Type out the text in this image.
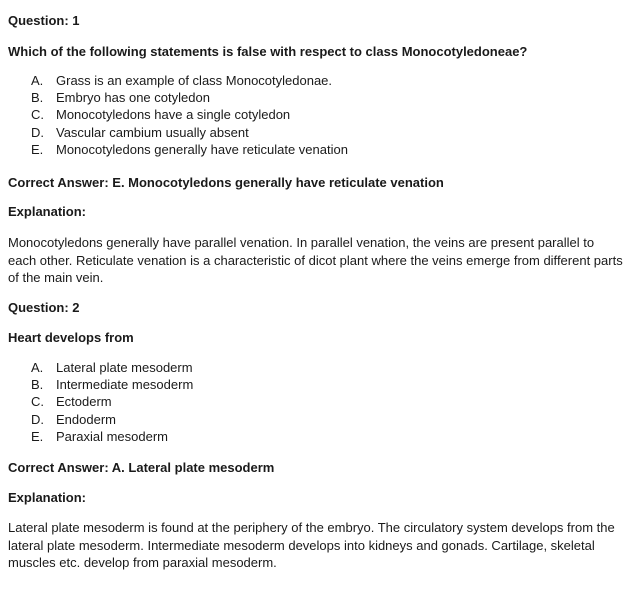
Question: 1
Which of the following statements is false with respect to class Monocotyledoneae?
A. Grass is an example of class Monocotyledonae.
B. Embryo has one cotyledon
C. Monocotyledons have a single cotyledon
D. Vascular cambium usually absent
E. Monocotyledons generally have reticulate venation
Correct Answer: E. Monocotyledons generally have reticulate venation
Explanation:
Monocotyledons generally have parallel venation. In parallel venation, the veins are present parallel to each other. Reticulate venation is a characteristic of dicot plant where the veins emerge from different parts of the main vein.
Question: 2
Heart develops from
A. Lateral plate mesoderm
B. Intermediate mesoderm
C. Ectoderm
D. Endoderm
E. Paraxial mesoderm
Correct Answer: A. Lateral plate mesoderm
Explanation:
Lateral plate mesoderm is found at the periphery of the embryo. The circulatory system develops from the lateral plate mesoderm. Intermediate mesoderm develops into kidneys and gonads. Cartilage, skeletal muscles etc. develop from paraxial mesoderm.
